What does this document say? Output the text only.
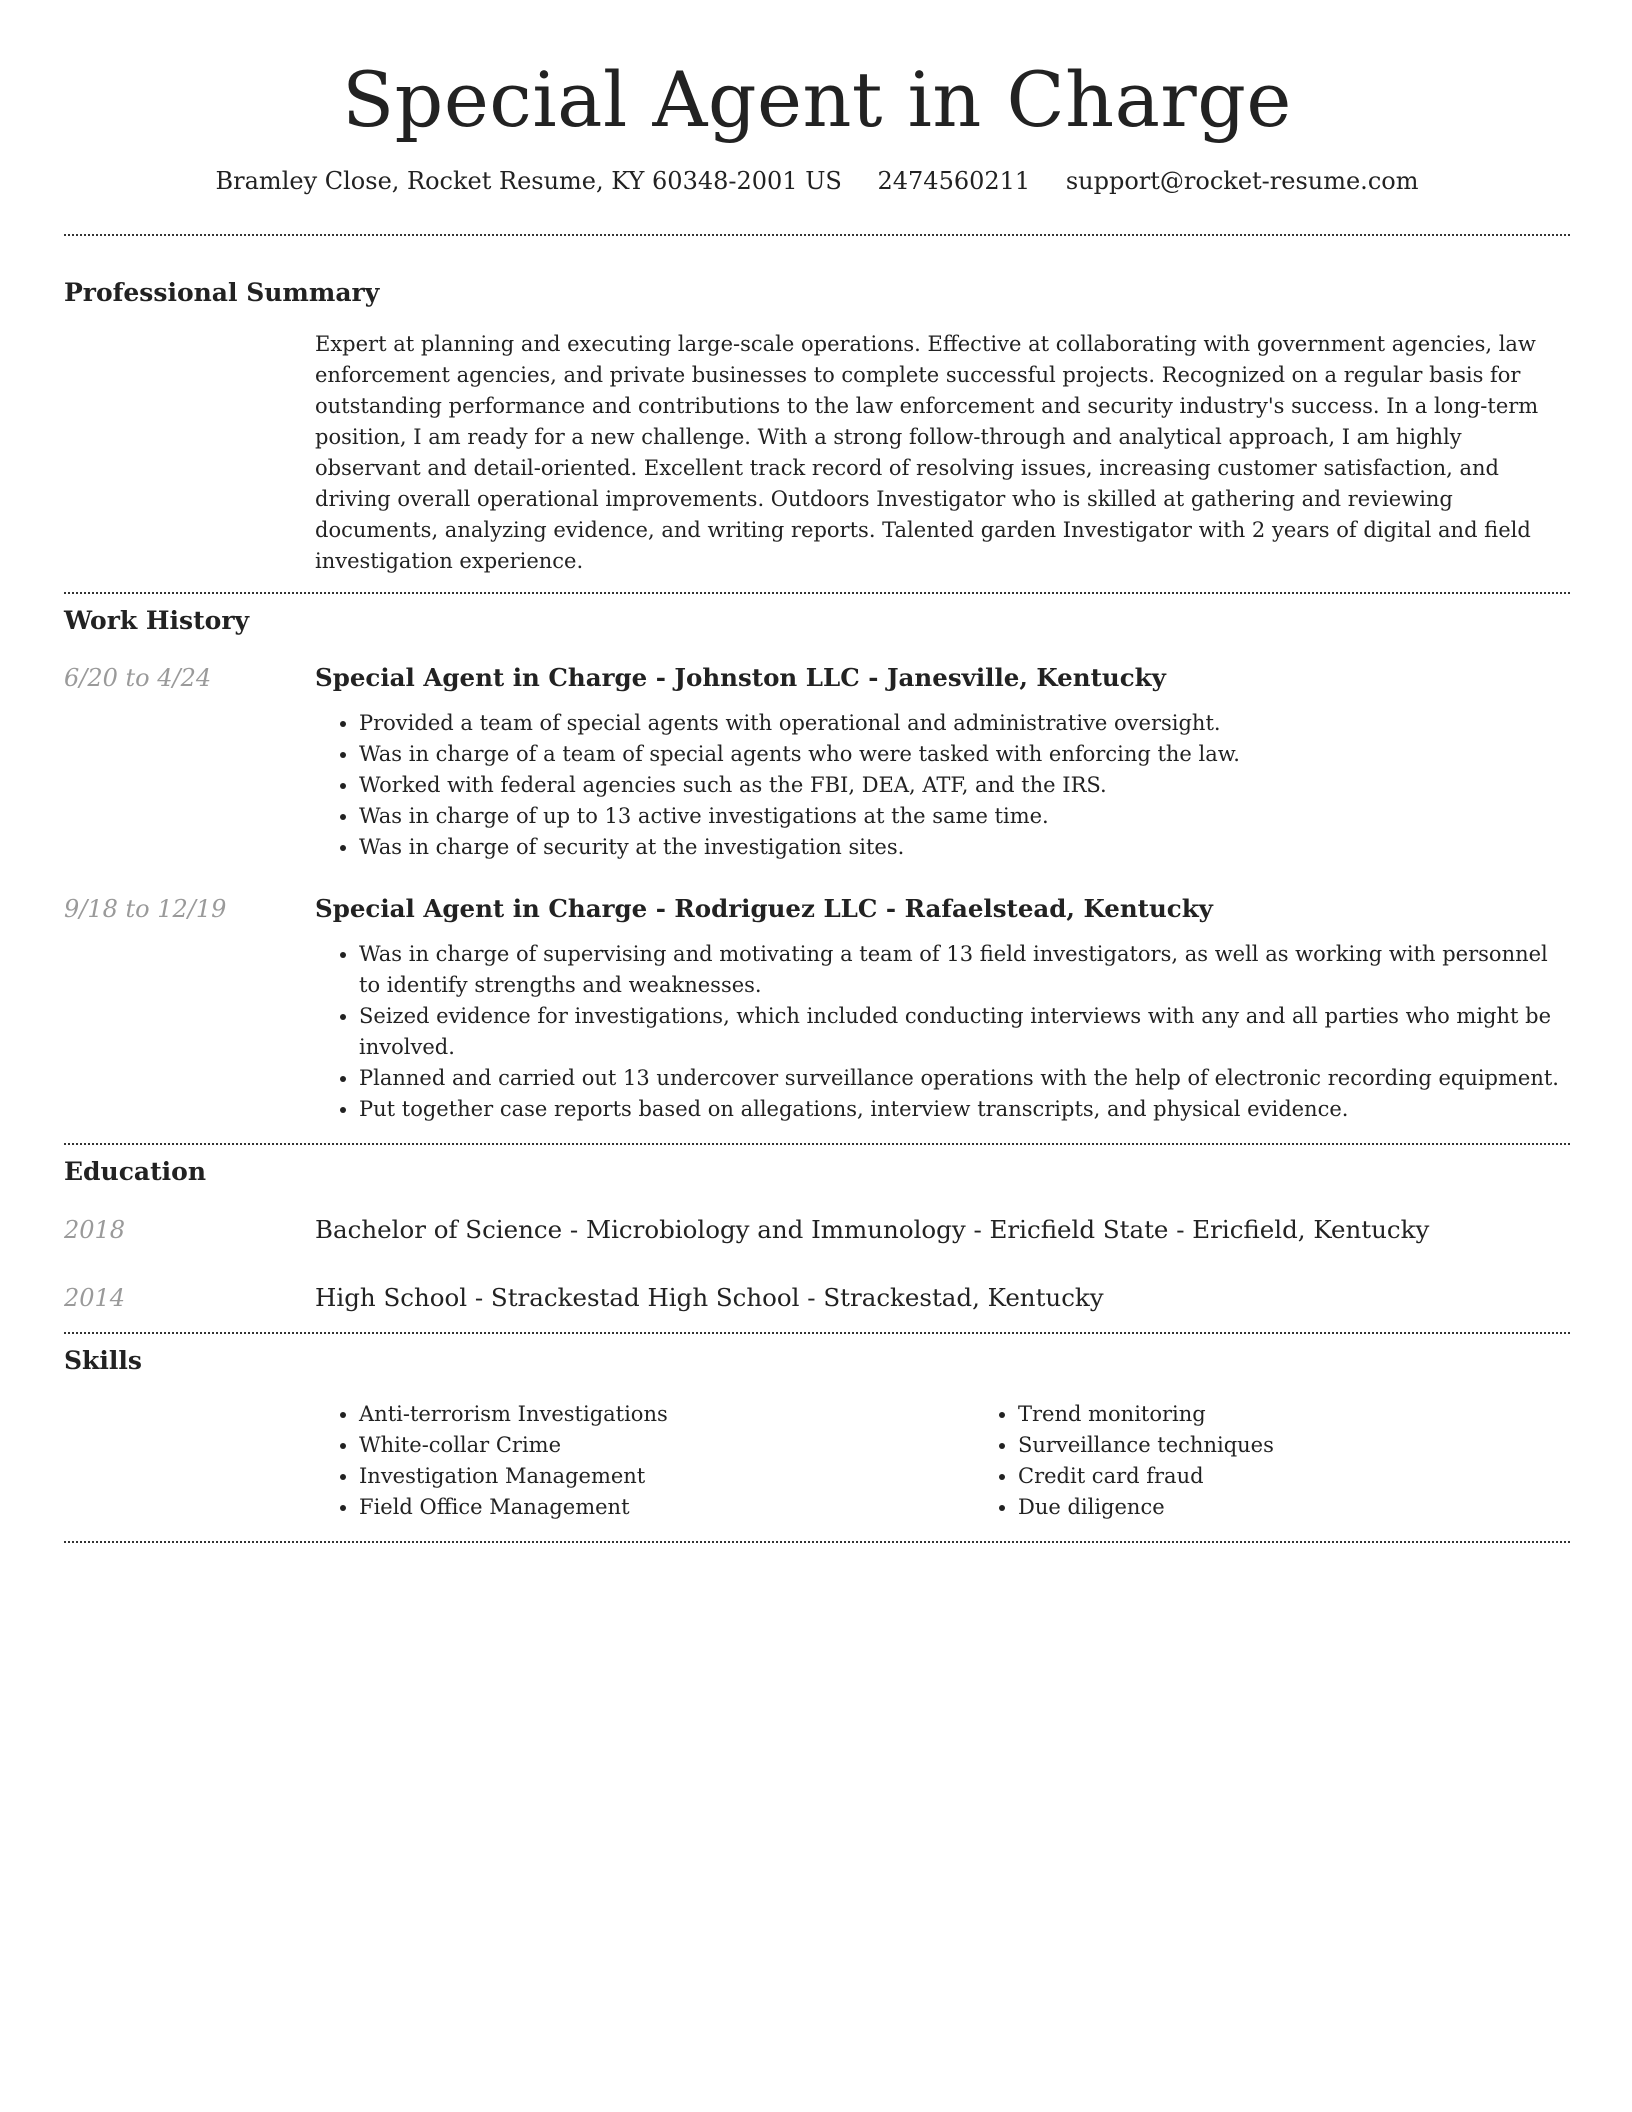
Special Agent in Charge
Bramley Close, Rocket Resume, KY 60348-2001 US 2474560211 support@rocket-resume.com
Professional Summary

Expert at planning and executing large-scale operations. Effective at collaborating with government agencies, law enforcement agencies, and private businesses to complete successful projects. Recognized on a regular basis for outstanding performance and contributions to the law enforcement and security industry's success. In a long-term position, I am ready for a new challenge. With a strong follow-through and analytical approach, I am highly observant and detail-oriented. Excellent track record of resolving issues, increasing customer satisfaction, and driving overall operational improvements. Outdoors Investigator who is skilled at gathering and reviewing documents, analyzing evidence, and writing reports. Talented garden Investigator with 2 years of digital and field investigation experience.

Work History
6/20 to 4/24	Special Agent in Charge - Johnston LLC - Janesville, Kentucky
• Provided a team of special agents with operational and administrative oversight.
• Was in charge of a team of special agents who were tasked with enforcing the law.
• Worked with federal agencies such as the FBI, DEA, ATF, and the IRS.
• Was in charge of up to 13 active investigations at the same time.
• Was in charge of security at the investigation sites.
9/18 to 12/19	Special Agent in Charge - Rodriguez LLC - Rafaelstead, Kentucky
• Was in charge of supervising and motivating a team of 13 field investigators, as well as working with personnel to identify strengths and weaknesses.
• Seized evidence for investigations, which included conducting interviews with any and all parties who might be involved.
• Planned and carried out 13 undercover surveillance operations with the help of electronic recording equipment.
• Put together case reports based on allegations, interview transcripts, and physical evidence.
Education
2018	Bachelor of Science - Microbiology and Immunology - Ericfield State - Ericfield, Kentucky

2014	High School - Strackestad High School - Strackestad, Kentucky

Skills
• Anti-terrorism Investigations
• White-collar Crime
• Investigation Management
• Field Office Management
• Trend monitoring
• Surveillance techniques
• Credit card fraud
• Due diligence
